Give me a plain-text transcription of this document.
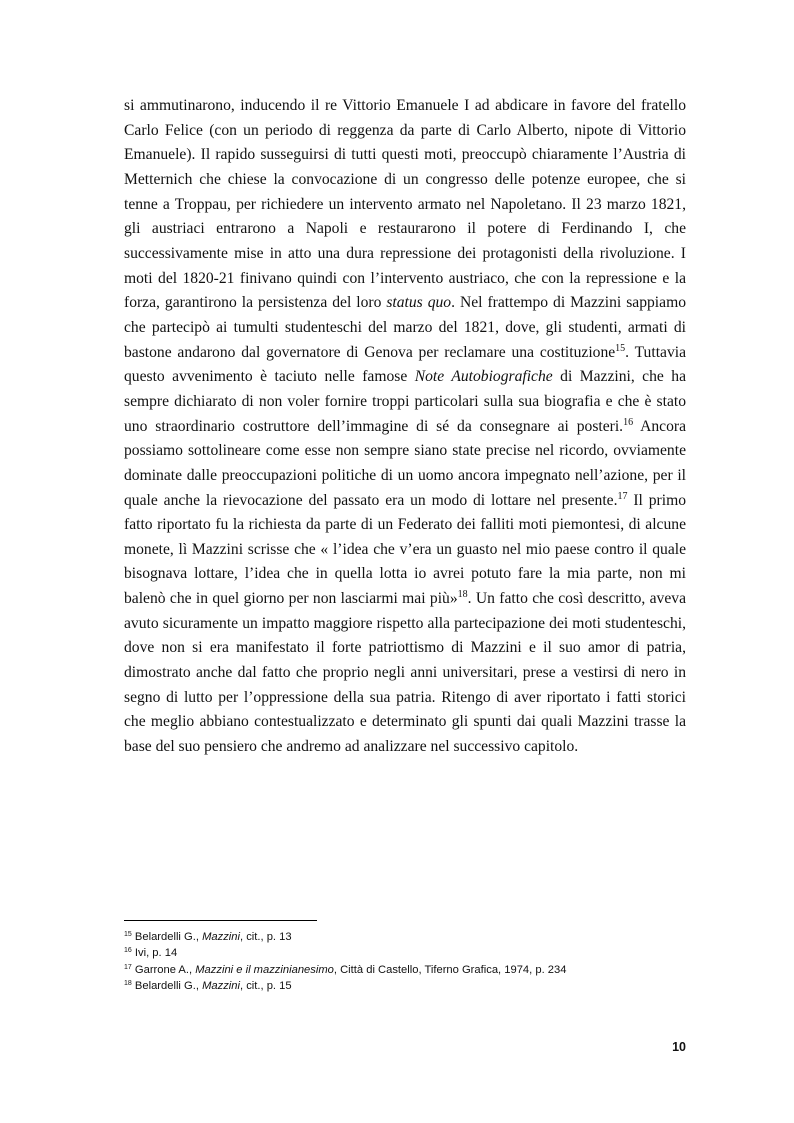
si ammutinarono, inducendo il re Vittorio Emanuele I ad abdicare in favore del fratello Carlo Felice (con un periodo di reggenza da parte di Carlo Alberto, nipote di Vittorio Emanuele). Il rapido susseguirsi di tutti questi moti, preoccupò chiaramente l’Austria di Metternich che chiese la convocazione di un congresso delle potenze europee, che si tenne a Troppau, per richiedere un intervento armato nel Napoletano. Il 23 marzo 1821, gli austriaci entrarono a Napoli e restaurarono il potere di Ferdinando I, che successivamente mise in atto una dura repressione dei protagonisti della rivoluzione. I moti del 1820-21 finivano quindi con l’intervento austriaco, che con la repressione e la forza, garantirono la persistenza del loro status quo. Nel frattempo di Mazzini sappiamo che partecipò ai tumulti studenteschi del marzo del 1821, dove, gli studenti, armati di bastone andarono dal governatore di Genova per reclamare una costituzione$^{15}$. Tuttavia questo avvenimento è taciuto nelle famose Note Autobiografiche di Mazzini, che ha sempre dichiarato di non voler fornire troppi particolari sulla sua biografia e che è stato uno straordinario costruttore dell’immagine di sé da consegnare ai posteri.$^{16}$ Ancora possiamo sottolineare come esse non sempre siano state precise nel ricordo, ovviamente dominate dalle preoccupazioni politiche di un uomo ancora impegnato nell’azione, per il quale anche la rievocazione del passato era un modo di lottare nel presente.$^{17}$ Il primo fatto riportato fu la richiesta da parte di un Federato dei falliti moti piemontesi, di alcune monete, lì Mazzini scrisse che « l’idea che v’era un guasto nel mio paese contro il quale bisognava lottare, l’idea che in quella lotta io avrei potuto fare la mia parte, non mi balenò che in quel giorno per non lasciarmi mai più»$^{18}$. Un fatto che così descritto, aveva avuto sicuramente un impatto maggiore rispetto alla partecipazione dei moti studenteschi, dove non si era manifestato il forte patriottismo di Mazzini e il suo amor di patria, dimostrato anche dal fatto che proprio negli anni universitari, prese a vestirsi di nero in segno di lutto per l’oppressione della sua patria. Ritengo di aver riportato i fatti storici che meglio abbiano contestualizzato e determinato gli spunti dai quali Mazzini trasse la base del suo pensiero che andremo ad analizzare nel successivo capitolo.

$^{15}$ Belardelli G., Mazzini, cit., p. 13
$^{16}$ Ivi, p. 14
$^{17}$ Garrone A., Mazzini e il mazzinianesimo, Città di Castello, Tiferno Grafica, 1974, p. 234
$^{18}$ Belardelli G., Mazzini, cit., p. 15
10
